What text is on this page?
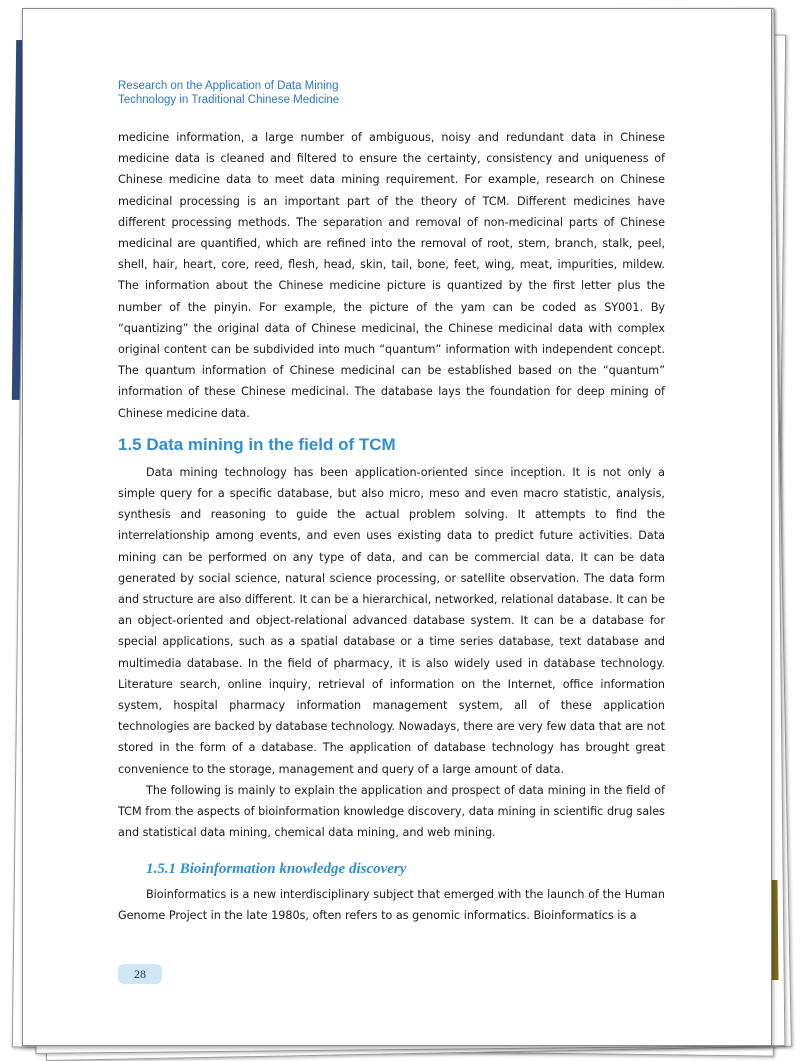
Research on the Application of Data Mining
Technology in Traditional Chinese Medicine

medicine information, a large number of ambiguous, noisy and redundant data in Chinese medicine data is cleaned and filtered to ensure the certainty, consistency and uniqueness of Chinese medicine data to meet data mining requirement. For example, research on Chinese medicinal processing is an important part of the theory of TCM. Different medicines have different processing methods. The separation and removal of non-medicinal parts of Chinese medicinal are quantified, which are refined into the removal of root, stem, branch, stalk, peel, shell, hair, heart, core, reed, flesh, head, skin, tail, bone, feet, wing, meat, impurities, mildew. The information about the Chinese medicine picture is quantized by the first letter plus the number of the pinyin. For example, the picture of the yam can be coded as SY001. By “quantizing” the original data of Chinese medicinal, the Chinese medicinal data with complex original content can be subdivided into much “quantum” information with independent concept. The quantum information of Chinese medicinal can be established based on the “quantum” information of these Chinese medicinal. The database lays the foundation for deep mining of Chinese medicine data.

1.5 Data mining in the field of TCM

Data mining technology has been application-oriented since inception. It is not only a simple query for a specific database, but also micro, meso and even macro statistic, analysis, synthesis and reasoning to guide the actual problem solving. It attempts to find the interrelationship among events, and even uses existing data to predict future activities. Data mining can be performed on any type of data, and can be commercial data. It can be data generated by social science, natural science processing, or satellite observation. The data form and structure are also different. It can be a hierarchical, networked, relational database. It can be an object-oriented and object-relational advanced database system. It can be a database for special applications, such as a spatial database or a time series database, text database and multimedia database. In the field of pharmacy, it is also widely used in database technology. Literature search, online inquiry, retrieval of information on the Internet, office information system, hospital pharmacy information management system, all of these application technologies are backed by database technology. Nowadays, there are very few data that are not stored in the form of a database. The application of database technology has brought great convenience to the storage, management and query of a large amount of data.

The following is mainly to explain the application and prospect of data mining in the field of TCM from the aspects of bioinformation knowledge discovery, data mining in scientific drug sales and statistical data mining, chemical data mining, and web mining.

1.5.1 Bioinformation knowledge discovery

Bioinformatics is a new interdisciplinary subject that emerged with the launch of the Human Genome Project in the late 1980s, often refers to as genomic informatics. Bioinformatics is a

28
